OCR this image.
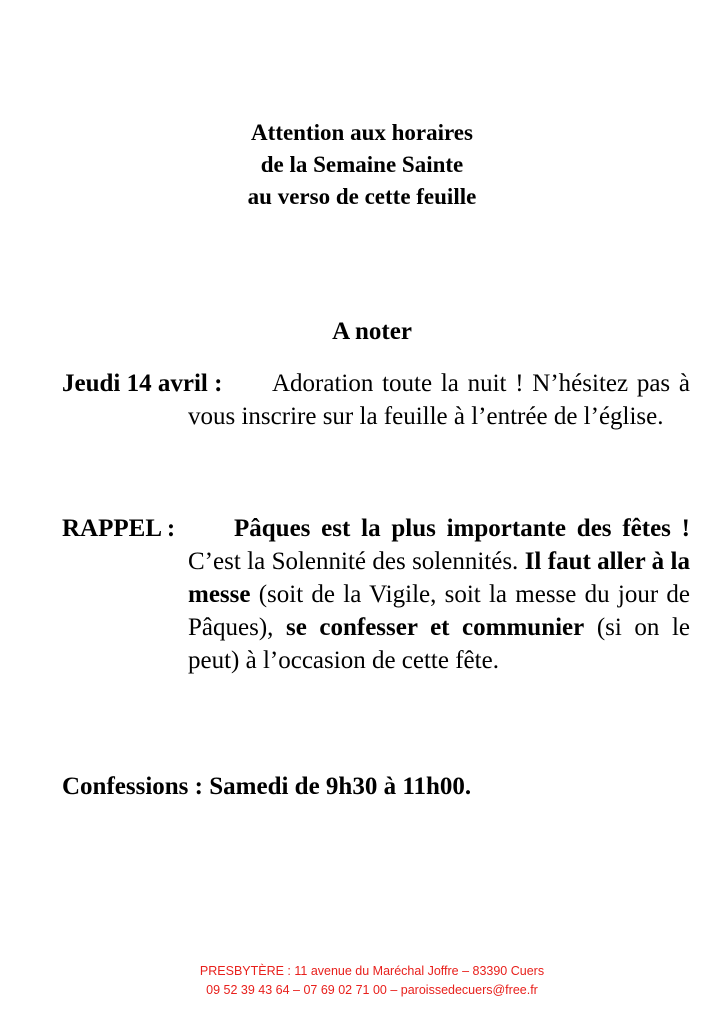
Attention aux horaires
de la Semaine Sainte
au verso de cette feuille
A noter
Jeudi 14 avril :	Adoration toute la nuit ! N’hésitez pas à vous inscrire sur la feuille à l’entrée de l’église.
RAPPEL :	Pâques est la plus importante des fêtes ! C’est la Solennité des solennités. Il faut aller à la messe (soit de la Vigile, soit la messe du jour de Pâques), se confesser et communier (si on le peut) à l’occasion de cette fête.
Confessions : Samedi de 9h30 à 11h00.
PRESBYTÈRE : 11 avenue du Maréchal Joffre – 83390 Cuers
09 52 39 43 64 – 07 69 02 71 00 – paroissedecuers@free.fr
